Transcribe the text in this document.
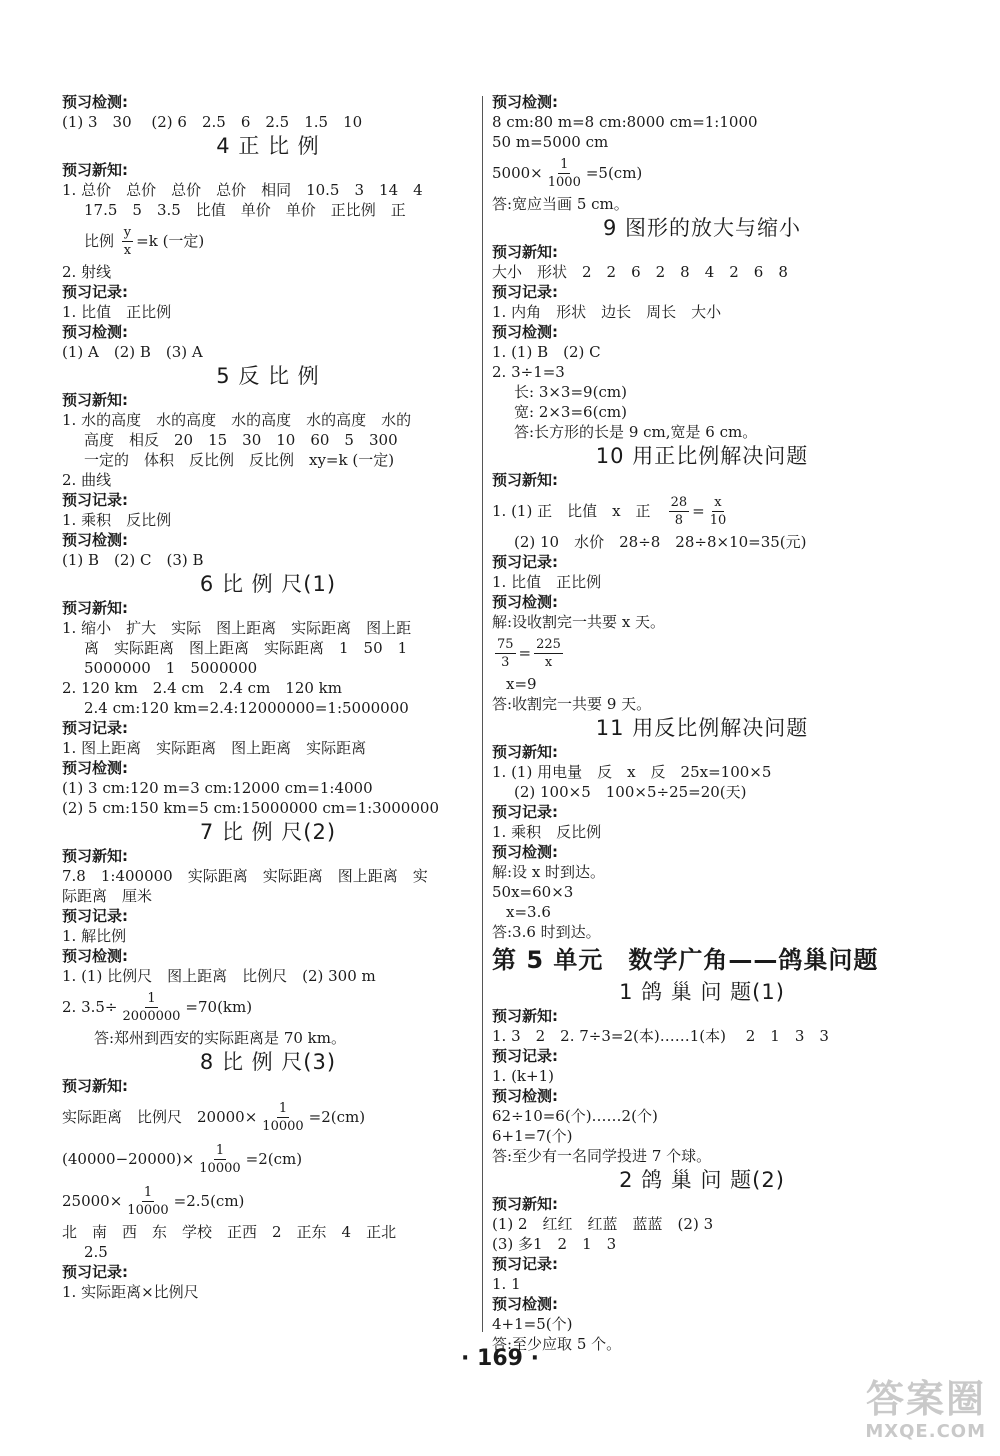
预习检测:
(1) 3　30　 (2) 6　2.5　6　2.5　1.5　10
4 正 比 例
预习新知:
1. 总价　总价　总价　总价　相同　10.5　3　14　4
17.5　5　3.5　比值　单价　单价　正比例　正
比例 $\frac{y}{x} =k$ (一定)
2. 射线
预习记录:
1. 比值　正比例
预习检测:
(1) A　(2) B　(3) A
5 反 比 例
预习新知:
1. 水的高度　水的高度　水的高度　水的高度　水的
高度　相反　20　15　30　10　60　5　300
一定的　体积　反比例　反比例　xy=k (一定)
2. 曲线
预习记录:
1. 乘积　反比例
预习检测:
(1) B　(2) C　(3) B
6 比 例 尺(1)
预习新知:
1. 缩小　扩大　实际　图上距离　实际距离　图上距
离　实际距离　图上距离　实际距离　1　50　1
5000000　1　5000000
2. 120 km　2.4 cm　2.4 cm　120 km
2.4 cm:120 km=2.4:12000000=1:5000000
预习记录:
1. 图上距离　实际距离　图上距离　实际距离
预习检测:
(1) 3 cm:120 m=3 cm:12000 cm=1:4000
(2) 5 cm:150 km=5 cm:15000000 cm=1:3000000
7 比 例 尺(2)
预习新知:
7.8　1:400000　实际距离　实际距离　图上距离　实
际距离　厘米
预习记录:
1. 解比例
预习检测:
1. (1) 比例尺　图上距离　比例尺　(2) 300 m
2. $3.5\div \frac{1}{2000000} =70(km)$
答:郑州到西安的实际距离是 70 km。
8 比 例 尺(3)
预习新知:
实际距离　比例尺　$20000\times \frac{1}{10000} =2(cm)$
$(40000-20000)\times \frac{1}{10000} =2(cm)$
$25000\times \frac{1}{10000} =2.5(cm)$
北　南　西　东　学校　正西　2　正东　4　正北
2.5
预习记录:
1. 实际距离×比例尺
预习检测:
8 cm:80 m=8 cm:8000 cm=1:1000
50 m=5000 cm
$5000\times \frac{1}{1000} =5(cm)$
答:宽应当画 5 cm。
9 图形的放大与缩小
预习新知:
大小　形状　2　2　6　2　8　4　2　6　8
预习记录:
1. 内角　形状　边长　周长　大小
预习检测:
1. (1) B　(2) C
2. 3÷1=3
长: 3×3=9(cm)
宽: 2×3=6(cm)
答:长方形的长是 9 cm,宽是 6 cm。
10 用正比例解决问题
预习新知:
1. (1) 正　比值　x　正　 $\frac{28}{8} = \frac{x}{10}$
(2) 10　水价　28÷8　28÷8×10=35(元)
预习记录:
1. 比值　正比例
预习检测:
解:设收割完一共要 x 天。
$\frac{75}{3} = \frac{225}{x}$
x=9
答:收割完一共要 9 天。
11 用反比例解决问题
预习新知:
1. (1) 用电量　反　x　反　25x=100×5
(2) 100×5　100×5÷25=20(天)
预习记录:
1. 乘积　反比例
预习检测:
解:设 x 时到达。
50x=60×3
x=3.6
答:3.6 时到达。
第 5 单元　数学广角——鸽巢问题
1 鸽 巢 问 题(1)
预习新知:
1. 3　2　2. 7÷3=2(本)……1(本)　 2　1　3　3
预习记录:
1. (k+1)
预习检测:
62÷10=6(个)……2(个)
6+1=7(个)
答:至少有一名同学投进 7 个球。
2 鸽 巢 问 题(2)
预习新知:
(1) 2　红红　红蓝　蓝蓝　(2) 3
(3) 多1　2　1　3
预习记录:
1. 1
预习检测:
4+1=5(个)
答:至少应取 5 个。
· 169 ·
答案圈
MXQE.COM
